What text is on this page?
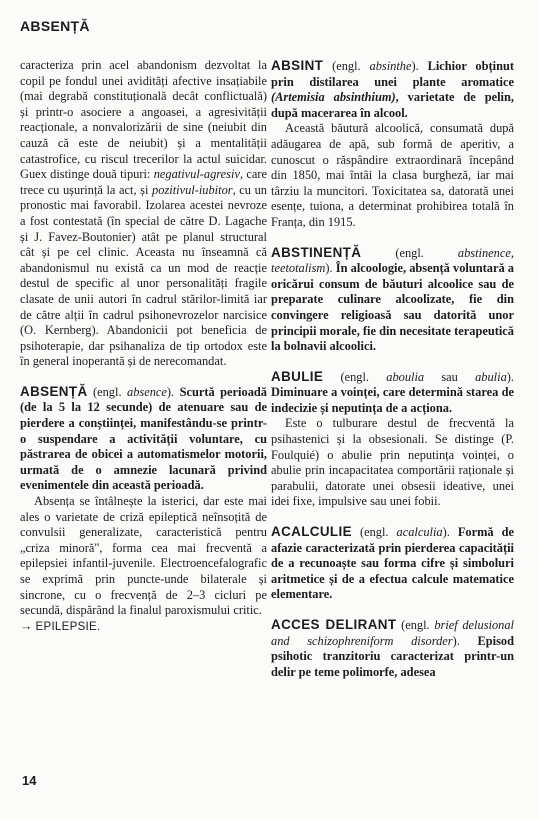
ABSENȚĂ

caracteriza prin acel abandonism dezvoltat la copil pe fondul unei avidități afective insațiabile (mai degrabă constituțională decât conflictuală) și printr-o asociere a angoasei, a agresivității reacționale, a nonvalorizării de sine (neiubit din cauză că este de neiubit) și a mentalității catastrofice, cu riscul trecerilor la actul suicidar. Guex distinge două tipuri: negativul-agresiv, care trece cu ușurință la act, și pozitivul-iubitor, cu un pronostic mai favorabil. Izolarea acestei nevroze a fost contestată (în special de către D. Lagache și J. Favez-Boutonier) atât pe planul structural cât și pe cel clinic. Aceasta nu înseamnă că abandonismul nu există ca un mod de reacție destul de specific al unor personalități fragile clasate de unii autori în cadrul stărilor-limită iar de către alții în cadrul psihonevrozelor narcisice (O. Kernberg). Abandonicii pot beneficia de psihoterapie, dar psihanaliza de tip ortodox este în general inoperantă și de nerecomandat.

ABSENȚĂ (engl. absence). Scurtă perioadă (de la 5 la 12 secunde) de atenuare sau de pierdere a conștiinței, manifestându-se printr-o suspendare a activității voluntare, cu păstrarea de obicei a automatismelor motorii, urmată de o amnezie lacunară privind evenimentele din această perioadă.

Absența se întâlnește la isterici, dar este mai ales o varietate de criză epileptică neînsoțită de convulsii generalizate, caracteristică pentru „criza minoră", forma cea mai frecventă a epilepsiei infantil-juvenile. Electroencefalografic se exprimă prin puncte-unde bilaterale și sincrone, cu o frecvență de 2–3 cicluri pe secundă, dispărând la finalul paroxismului critic.

→ EPILEPSIE.

ABSINT (engl. absinthe). Lichior obținut prin distilarea unei plante aromatice (Artemisia absinthium), varietate de pelin, după macerarea în alcool.

Această băutură alcoolică, consumată după adăugarea de apă, sub formă de aperitiv, a cunoscut o răspândire extraordinară începând din 1850, mai întâi la clasa burgheză, iar mai târziu la muncitori. Toxicitatea sa, datorată unei esențe, tuiona, a determinat prohibirea totală în Franța, din 1915.

ABSTINENȚĂ	(engl.	abstinence, teetotalism). În alcoologie, absență voluntară a oricărui consum de băuturi alcoolice sau de preparate culinare alcoolizate, fie din convingere religioasă sau datorită unor principii morale, fie din necesitate terapeutică la bolnavii alcoolici.

ABULIE (engl. aboulia sau abulia). Diminuare a voinței, care determină starea de indecizie și neputința de a acționa.

Este o tulburare destul de frecventă la psihastenici și la obsesionali. Se distinge (P. Foulquié) o abulie prin neputința voinței, o abulie prin incapacitatea comportării raționale și parabulii, datorate unei obsesii ideative, unei idei fixe, impulsive sau unei fobii.

ACALCULIE (engl. acalculia). Formă de afazie caracterizată prin pierderea capacității de a recunoaște sau forma cifre și simboluri aritmetice și de a efectua calcule matematice elementare.

ACCES DELIRANT (engl. brief delusional and schizophreniform disorder). Episod psihotic tranzitoriu caracterizat printr-un delir pe teme polimorfe, adesea

14
